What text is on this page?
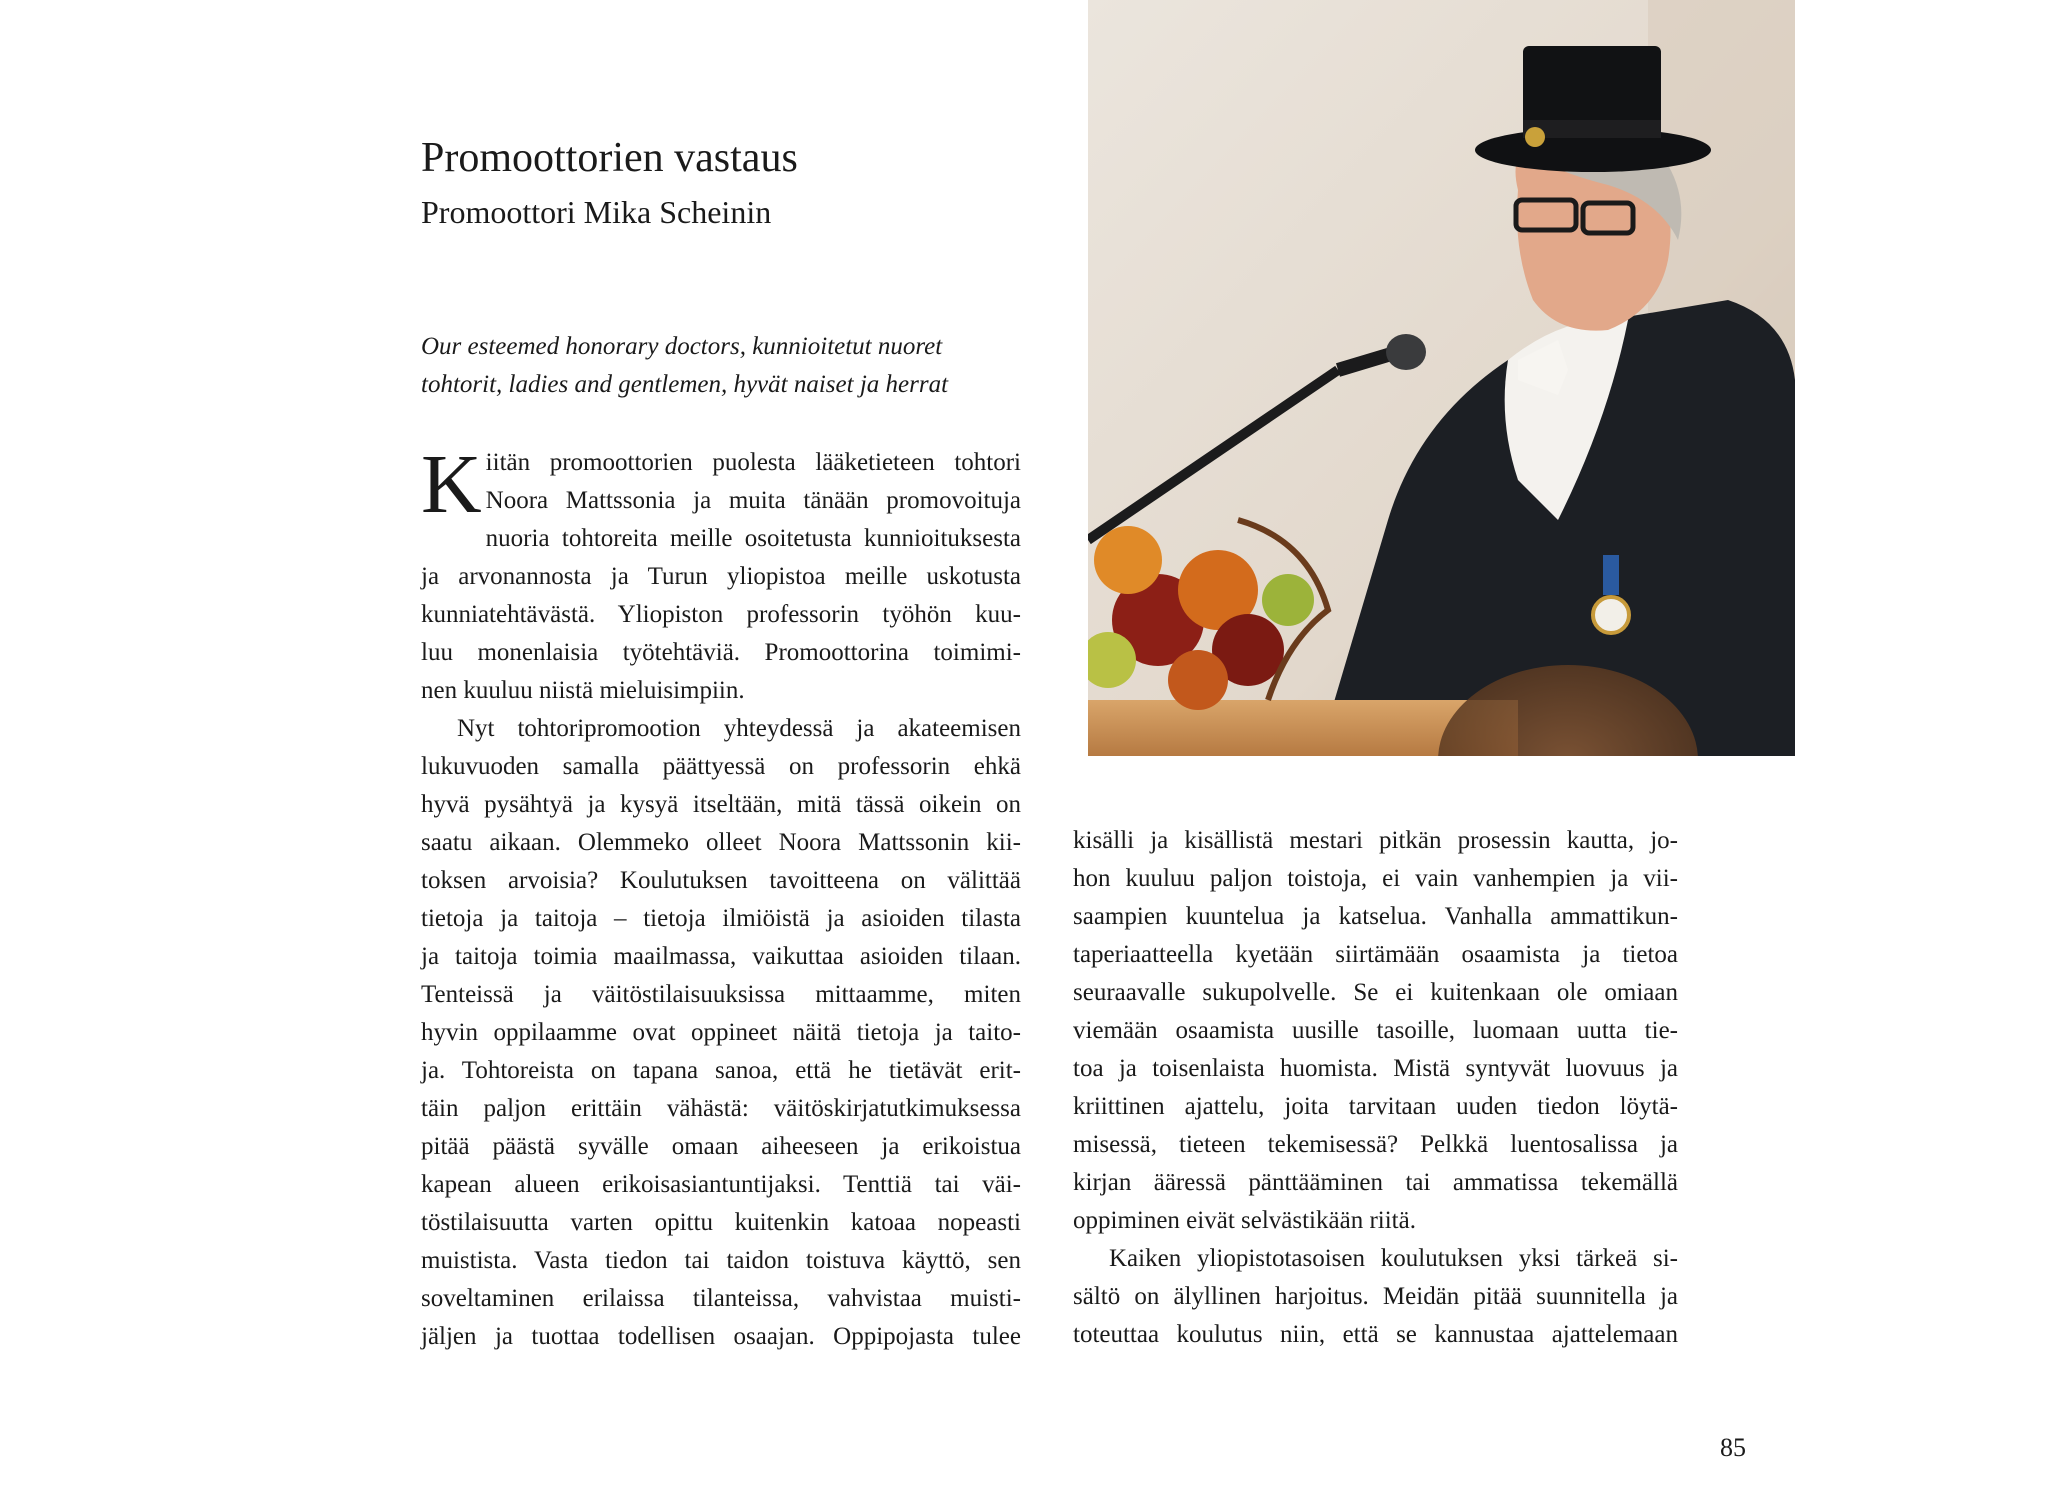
Promoottorien vastaus
Promoottori Mika Scheinin

Our esteemed honorary doctors, kunnioitetut nuoret
tohtorit, ladies and gentlemen, hyvät naiset ja herrat

K iitän promoottorien puolesta lääketieteen tohtori
Noora Mattssonia ja muita tänään promovoituja
nuoria tohtoreita meille osoitetusta kunnioituksesta
ja arvonannosta ja Turun yliopistoa meille uskotusta
kunniatehtävästä. Yliopiston professorin työhön kuu-
luu monenlaisia työtehtäviä. Promoottorina toimimi-
nen kuuluu niistä mieluisimpiin.
Nyt tohtoripromootion yhteydessä ja akateemisen
lukuvuoden samalla päättyessä on professorin ehkä
hyvä pysähtyä ja kysyä itseltään, mitä tässä oikein on
saatu aikaan. Olemmeko olleet Noora Mattssonin kii-
toksen arvoisia? Koulutuksen tavoitteena on välittää
tietoja ja taitoja – tietoja ilmiöistä ja asioiden tilasta
ja taitoja toimia maailmassa, vaikuttaa asioiden tilaan.
Tenteissä ja väitöstilaisuuksissa mittaamme, miten
hyvin oppilaamme ovat oppineet näitä tietoja ja taito-
ja. Tohtoreista on tapana sanoa, että he tietävät erit-
täin paljon erittäin vähästä: väitöskirjatutkimuksessa
pitää päästä syvälle omaan aiheeseen ja erikoistua
kapean alueen erikoisasiantuntijaksi. Tenttiä tai väi-
töstilaisuutta varten opittu kuitenkin katoaa nopeasti
muistista. Vasta tiedon tai taidon toistuva käyttö, sen
soveltaminen erilaissa tilanteissa, vahvistaa muisti-
jäljen ja tuottaa todellisen osaajan. Oppipojasta tulee
kisälli ja kisällistä mestari pitkän prosessin kautta, jo-
hon kuuluu paljon toistoja, ei vain vanhempien ja vii-
saampien kuuntelua ja katselua. Vanhalla ammattikun-
taperiaatteella kyetään siirtämään osaamista ja tietoa
seuraavalle sukupolvelle. Se ei kuitenkaan ole omiaan
viemään osaamista uusille tasoille, luomaan uutta tie-
toa ja toisenlaista huomista. Mistä syntyvät luovuus ja
kriittinen ajattelu, joita tarvitaan uuden tiedon löytä-
misessä, tieteen tekemisessä? Pelkkä luentosalissa ja
kirjan ääressä pänttääminen tai ammatissa tekemällä
oppiminen eivät selvästikään riitä.
Kaiken yliopistotasoisen koulutuksen yksi tärkeä si-
sältö on älyllinen harjoitus. Meidän pitää suunnitella ja
toteuttaa koulutus niin, että se kannustaa ajattelemaan
85
